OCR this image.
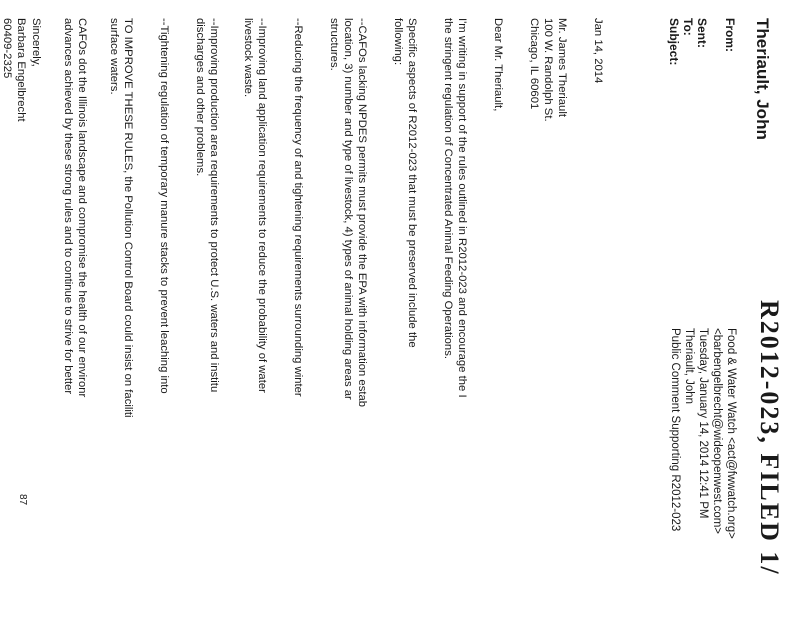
R2012-023, FILED 1/
Theriault, John
From:
Food & Water Watch <act@fwwatch.org>
<barbengelbrecht@wideopenwest.com>
Sent:
Tuesday, January 14, 2014 12:41 PM
To:
Theriault, John
Subject:
Public Comment Supporting R2012-023
Jan 14, 2014
Mr. James Theriault
100 W. Randolph St.
Chicago, IL 60601
Dear Mr. Theriault,
I'm writing in support of the rules outlined in R2012-023 and encourage the I
the stringent regulation of Concentrated Animal Feeding Operations.
Specific aspects of R2012-023 that must be preserved include the
following:
--CAFOs lacking NPDES permits must provide the EPA with information estab
location, 3) number and type of livestock, 4) types of animal holding areas ar
structures.
--Reducing the frequency of and tightening requirements surrounding winter
--Improving land application requirements to reduce the probability of water
livestock waste.
--Improving production area requirements to protect U.S. waters and institu
discharges and other problems.
--Tightening regulation of temporary manure stacks to prevent leaching into
TO IMPROVE THESE RULES, the Pollution Control Board could insist on faciliti
surface waters.
CAFOs dot the Illinois landscape and compromise the health of our environr
advances achieved by these strong rules and to continue to strive for better
Sincerely,
Barbara Engelbrecht
60409-2325
87
